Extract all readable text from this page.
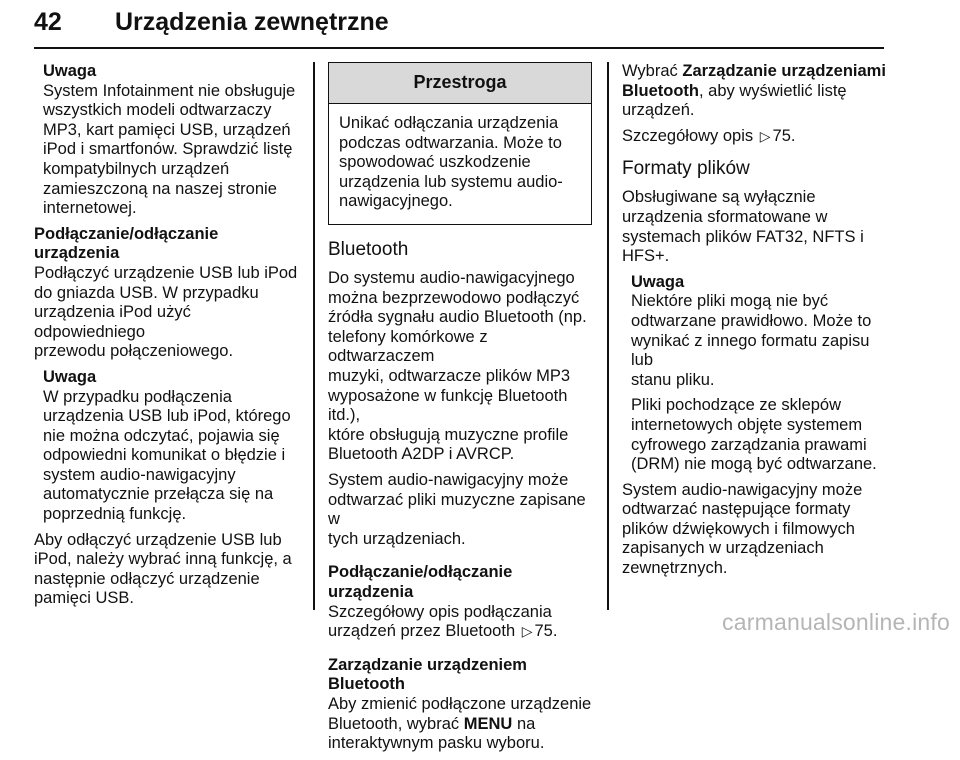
42 Urządzenia zewnętrzne
Uwaga

System Infotainment nie obsługuje
wszystkich modeli odtwarzaczy
MP3, kart pamięci USB, urządzeń
iPod i smartfonów. Sprawdzić listę
kompatybilnych urządzeń
zamieszczoną na naszej stronie
internetowej.

Podłączanie/odłączanie urządzenia

Podłączyć urządzenie USB lub iPod
do gniazda USB. W przypadku
urządzenia iPod użyć odpowiedniego
przewodu połączeniowego.

Uwaga

W przypadku podłączenia
urządzenia USB lub iPod, którego
nie można odczytać, pojawia się
odpowiedni komunikat o błędzie i
system audio-nawigacyjny
automatycznie przełącza się na
poprzednią funkcję.

Aby odłączyć urządzenie USB lub
iPod, należy wybrać inną funkcję, a
następnie odłączyć urządzenie
pamięci USB.

Przestroga
Unikać odłączania urządzenia
podczas odtwarzania. Może to
spowodować uszkodzenie
urządzenia lub systemu audio-
nawigacyjnego.
Bluetooth

Do systemu audio-nawigacyjnego
można bezprzewodowo podłączyć
źródła sygnału audio Bluetooth (np.
telefony komórkowe z odtwarzaczem
muzyki, odtwarzacze plików MP3
wyposażone w funkcję Bluetooth itd.),
które obsługują muzyczne profile
Bluetooth A2DP i AVRCP.

System audio-nawigacyjny może
odtwarzać pliki muzyczne zapisane w
tych urządzeniach.

Podłączanie/odłączanie urządzenia

Szczegółowy opis podłączania
urządzeń przez Bluetooth ▷ 75.

Zarządzanie urządzeniem Bluetooth

Aby zmienić podłączone urządzenie
Bluetooth, wybrać MENU na
interaktywnym pasku wyboru.

Wybrać Zarządzanie urządzeniami
Bluetooth, aby wyświetlić listę
urządzeń.

Szczegółowy opis ▷ 75.

Formaty plików

Obsługiwane są wyłącznie
urządzenia sformatowane w
systemach plików FAT32, NFTS i
HFS+.

Uwaga

Niektóre pliki mogą nie być
odtwarzane prawidłowo. Może to
wynikać z innego formatu zapisu lub
stanu pliku.

Pliki pochodzące ze sklepów
internetowych objęte systemem
cyfrowego zarządzania prawami
(DRM) nie mogą być odtwarzane.

System audio-nawigacyjny może
odtwarzać następujące formaty
plików dźwiękowych i filmowych
zapisanych w urządzeniach
zewnętrznych.

carmanualsonline.info
